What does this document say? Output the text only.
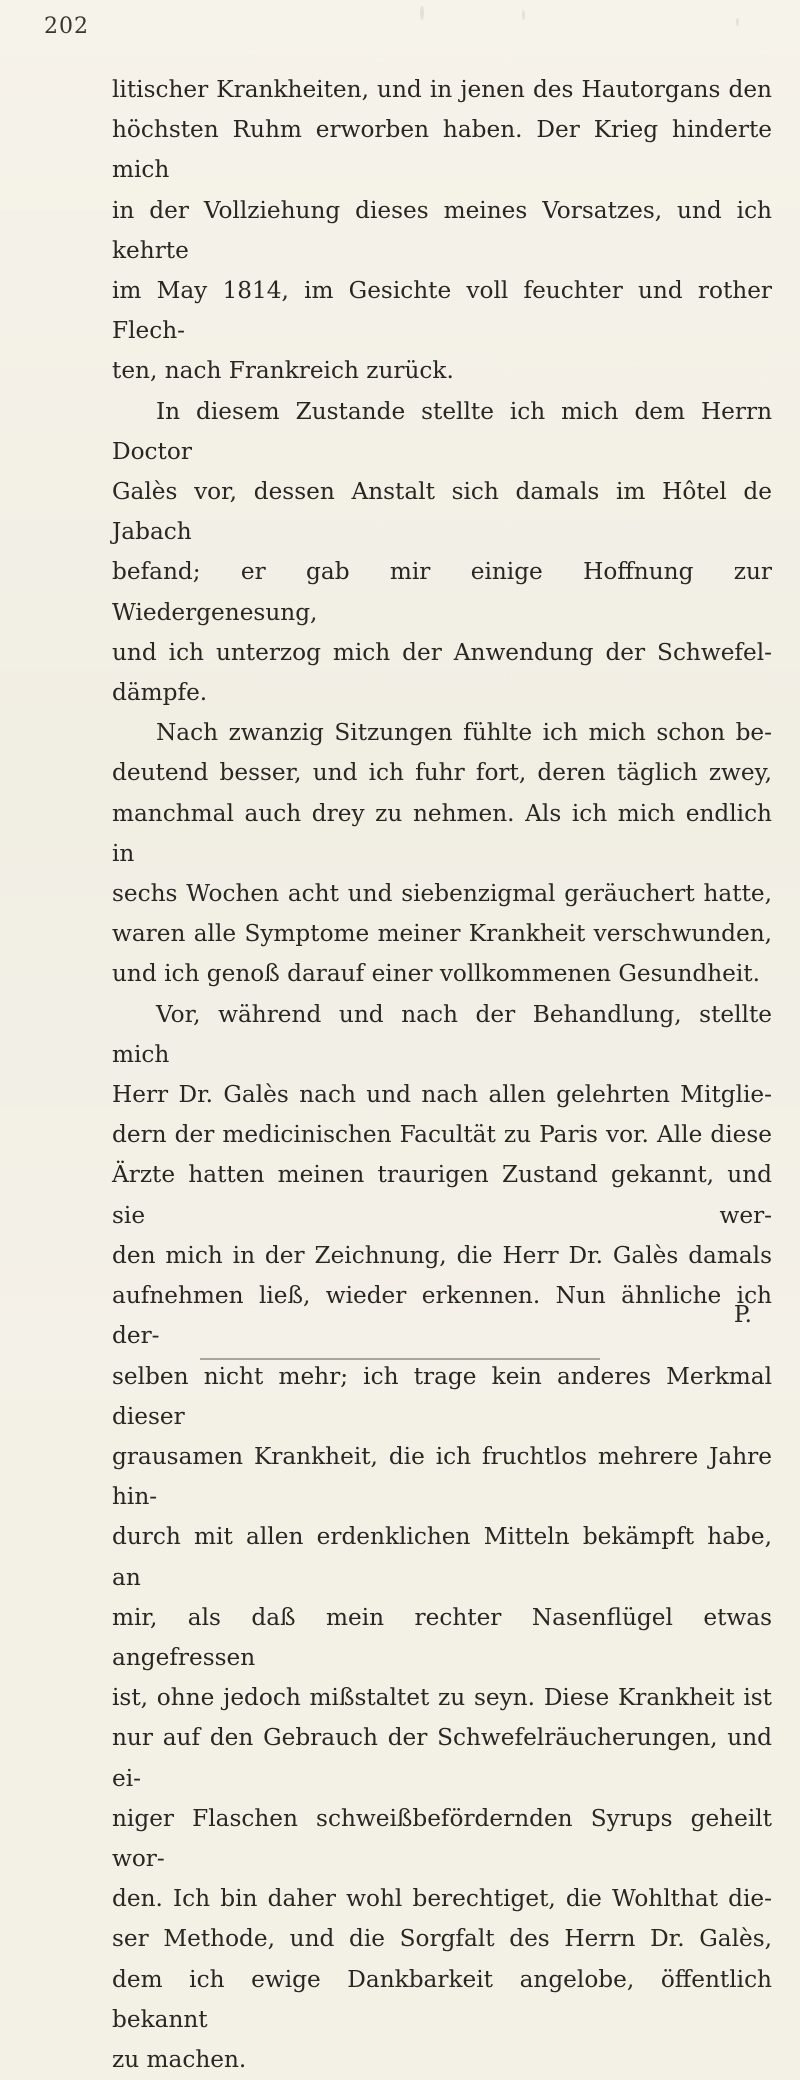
202

litischer Krankheiten, und in jenen des Hautorgans den
höchsten Ruhm erworben haben. Der Krieg hinderte mich
in der Vollziehung dieses meines Vorsatzes, und ich kehrte
im May 1814, im Gesichte voll feuchter und rother Flech-
ten, nach Frankreich zurück.

In diesem Zustande stellte ich mich dem Herrn Doctor
Galès vor, dessen Anstalt sich damals im Hôtel de Jabach
befand; er gab mir einige Hoffnung zur Wiedergenesung,
und ich unterzog mich der Anwendung der Schwefel-
dämpfe.

Nach zwanzig Sitzungen fühlte ich mich schon be-
deutend besser, und ich fuhr fort, deren täglich zwey,
manchmal auch drey zu nehmen. Als ich mich endlich in
sechs Wochen acht und siebenzigmal geräuchert hatte,
waren alle Symptome meiner Krankheit verschwunden,
und ich genoß darauf einer vollkommenen Gesundheit.

Vor, während und nach der Behandlung, stellte mich
Herr Dr. Galès nach und nach allen gelehrten Mitglie-
dern der medicinischen Facultät zu Paris vor. Alle diese
Ärzte hatten meinen traurigen Zustand gekannt, und sie wer-
den mich in der Zeichnung, die Herr Dr. Galès damals
aufnehmen ließ, wieder erkennen. Nun ähnliche ich der-
selben nicht mehr; ich trage kein anderes Merkmal dieser
grausamen Krankheit, die ich fruchtlos mehrere Jahre hin-
durch mit allen erdenklichen Mitteln bekämpft habe, an
mir, als daß mein rechter Nasenflügel etwas angefressen
ist, ohne jedoch mißstaltet zu seyn. Diese Krankheit ist
nur auf den Gebrauch der Schwefelräucherungen, und ei-
niger Flaschen schweißbefördernden Syrups geheilt wor-
den. Ich bin daher wohl berechtiget, die Wohlthat die-
ser Methode, und die Sorgfalt des Herrn Dr. Galès,
dem ich ewige Dankbarkeit angelobe, öffentlich bekannt
zu machen.

P.
